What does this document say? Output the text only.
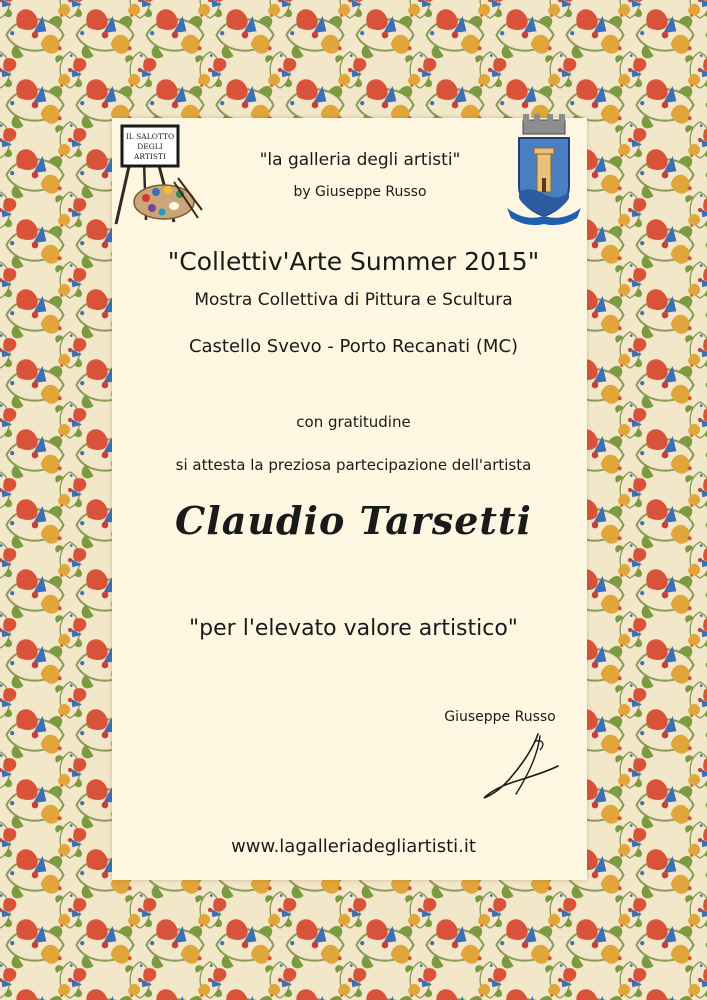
IL SALOTTO
DEGLI
ARTISTI	"la galleria degli artisti"
by Giuseppe Russo
"Collettiv'Arte Summer 2015"
Mostra Collettiva di Pittura e Scultura
Castello Svevo - Porto Recanati (MC)
con gratitudine
si attesta la preziosa partecipazione dell'artista
Claudio Tarsetti
"per l'elevato valore artistico"
Giuseppe Russo
www.lagalleriadegliartisti.it
